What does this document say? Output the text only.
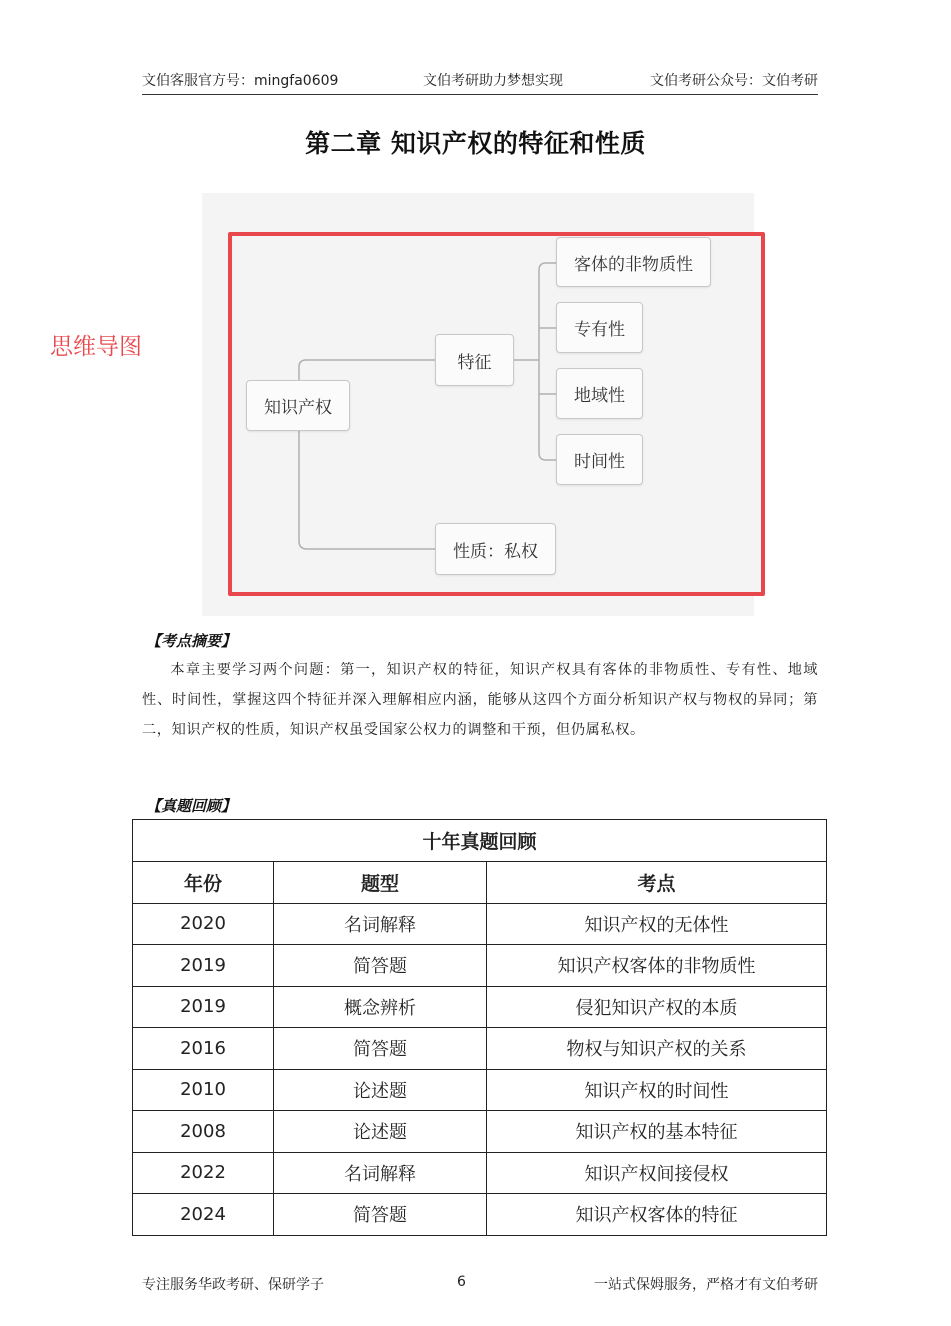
文伯客服官方号：mingfa0609	文伯考研助力梦想实现	文伯考研公众号：文伯考研
第二章 知识产权的特征和性质
思维导图
知识产权
特征
性质：私权
客体的非物质性
专有性
地域性
时间性
【考点摘要】
本章主要学习两个问题：第一，知识产权的特征，知识产权具有客体的非物质性、专有性、地域性、时间性，掌握这四个特征并深入理解相应内涵，能够从这四个方面分析知识产权与物权的异同；第二，知识产权的性质，知识产权虽受国家公权力的调整和干预，但仍属私权。
【真题回顾】
十年真题回顾		
年份	题型	考点
2020	名词解释	知识产权的无体性
2019	简答题	知识产权客体的非物质性
2019	概念辨析	侵犯知识产权的本质
2016	简答题	物权与知识产权的关系
2010	论述题	知识产权的时间性
2008	论述题	知识产权的基本特征
2022	名词解释	知识产权间接侵权
2024	简答题	知识产权客体的特征
专注服务华政考研、保研学子	6	一站式保姆服务，严格才有文伯考研
